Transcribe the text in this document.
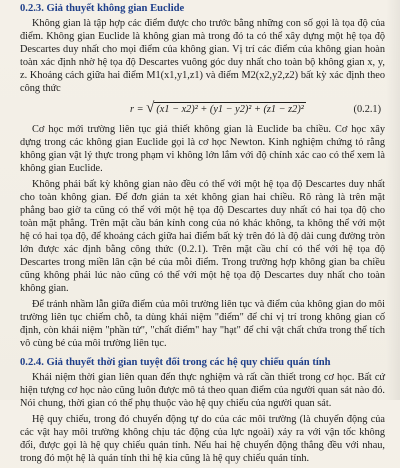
0.2.3. Giả thuyết không gian Euclide

Không gian là tập hợp các điểm được cho trước bằng những con số gọi là tọa độ của điểm. Không gian Euclide là không gian mà trong đó ta có thể xây dựng một hệ tọa độ Descartes duy nhất cho mọi điểm của không gian. Vị trí các điểm của không gian hoàn toàn xác định nhờ hệ tọa độ Descartes vuông góc duy nhất cho toàn bộ không gian x, y, z. Khoảng cách giữa hai điểm M1(x1,y1,z1) và điểm M2(x2,y2,z2) bất kỳ xác định theo công thức

r = √ (x1 − x2)² + (y1 − y2)² + (z1 − z2)²	(0.2.1)

Cơ học mới trường liên tục giả thiết không gian là Euclide ba chiều. Cơ học xây dựng trong các không gian Euclide gọi là cơ học Newton. Kinh nghiệm chứng tỏ rằng không gian vật lý thực trong phạm vi không lớn lắm với độ chính xác cao có thể xem là không gian Euclide.

Không phải bất kỳ không gian nào đều có thể với một hệ tọa độ Descartes duy nhất cho toàn không gian. Để đơn giản ta xét không gian hai chiều. Rõ ràng là trên mặt phẳng bao giờ ta cũng có thể với một hệ tọa độ Descartes duy nhất có hai tọa độ cho toàn mặt phẳng. Trên mặt cầu bán kính cong của nó khác không, ta không thể với một hệ có hai tọa độ, để khoảng cách giữa hai điểm bất kỳ trên đó là độ dài cung đường tròn lớn được xác định bằng công thức (0.2.1). Trên mặt cầu chỉ có thể với hệ tọa độ Descartes trong miền lân cận bé của mỗi điểm. Trong trường hợp không gian ba chiều cũng không phải lúc nào cũng có thể với một hệ tọa độ Descartes duy nhất cho toàn không gian.

Để tránh nhầm lẫn giữa điểm của môi trường liên tục và điểm của không gian do môi trường liên tục chiếm chỗ, ta dùng khái niệm "điểm" để chỉ vị trí trong không gian cố định, còn khái niệm "phần tử", "chất điểm" hay "hạt" để chỉ vật chất chứa trong thể tích vô cùng bé của môi trường liên tục.

0.2.4. Giả thuyết thời gian tuyệt đối trong các hệ quy chiếu quán tính

Khái niệm thời gian liên quan đến thực nghiệm và rất cần thiết trong cơ học. Bất cứ hiện tượng cơ học nào cũng luôn được mô tả theo quan điểm của người quan sát nào đó. Nói chung, thời gian có thể phụ thuộc vào hệ quy chiếu của người quan sát.

Hệ quy chiếu, trong đó chuyển động tự do của các môi trường (là chuyển động của các vật hay môi trường không chịu tác động của lực ngoài) xảy ra với vận tốc không đổi, được gọi là hệ quy chiếu quán tính. Nếu hai hệ chuyển động thẳng đều với nhau, trong đó một hệ là quán tính thì hệ kia cũng là hệ quy chiếu quán tính.
